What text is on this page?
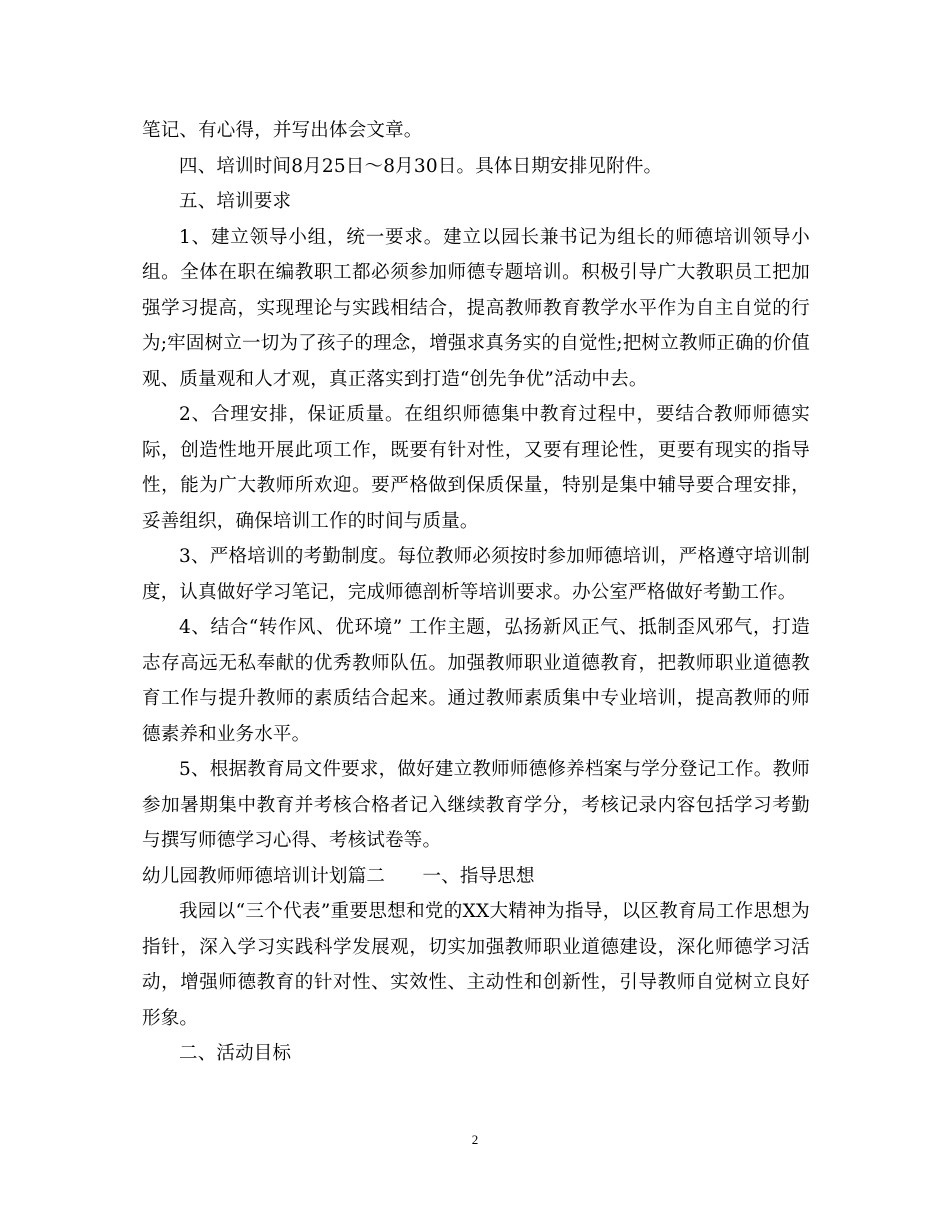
笔记、有心得，并写出体会文章。

四、培训时间8月25日～8月30日。具体日期安排见附件。

五、培训要求

1、建立领导小组，统一要求。建立以园长兼书记为组长的师德培训领导小组。全体在职在编教职工都必须参加师德专题培训。积极引导广大教职员工把加强学习提高，实现理论与实践相结合，提高教师教育教学水平作为自主自觉的行为;牢固树立一切为了孩子的理念，增强求真务实的自觉性;把树立教师正确的价值观、质量观和人才观，真正落实到打造“创先争优”活动中去。

2、合理安排，保证质量。在组织师德集中教育过程中，要结合教师师德实际，创造性地开展此项工作，既要有针对性，又要有理论性，更要有现实的指导性，能为广大教师所欢迎。要严格做到保质保量，特别是集中辅导要合理安排，妥善组织，确保培训工作的时间与质量。

3、严格培训的考勤制度。每位教师必须按时参加师德培训，严格遵守培训制度，认真做好学习笔记，完成师德剖析等培训要求。办公室严格做好考勤工作。

4、结合“转作风、优环境” 工作主题，弘扬新风正气、抵制歪风邪气，打造志存高远无私奉献的优秀教师队伍。加强教师职业道德教育，把教师职业道德教育工作与提升教师的素质结合起来。通过教师素质集中专业培训，提高教师的师德素养和业务水平。

5、根据教育局文件要求，做好建立教师师德修养档案与学分登记工作。教师参加暑期集中教育并考核合格者记入继续教育学分，考核记录内容包括学习考勤与撰写师德学习心得、考核试卷等。

幼儿园教师师德培训计划篇二　　一、指导思想

我园以“三个代表”重要思想和党的XX大精神为指导，以区教育局工作思想为指针，深入学习实践科学发展观，切实加强教师职业道德建设，深化师德学习活动，增强师德教育的针对性、实效性、主动性和创新性，引导教师自觉树立良好形象。

二、活动目标

2
